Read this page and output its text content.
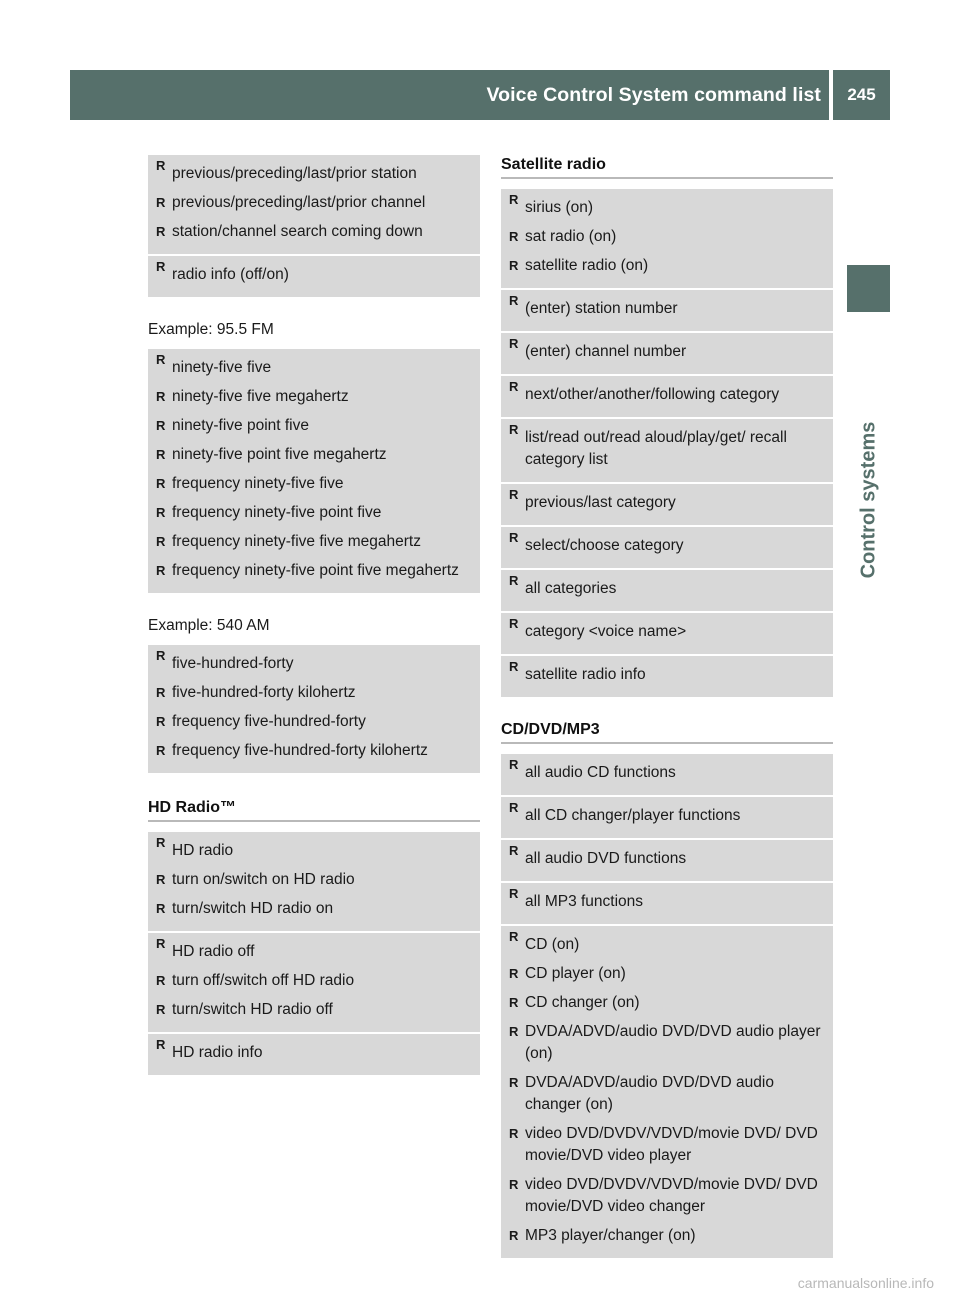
Voice Control System command list	245
Control systems
R previous/preceding/last/prior station
R previous/preceding/last/prior channel
R station/channel search coming down
R radio info (off/on)
Example: 95.5 FM
R ninety-five five
R ninety-five five megahertz
R ninety-five point five
R ninety-five point five megahertz
R frequency ninety-five five
R frequency ninety-five point five
R frequency ninety-five five megahertz
R frequency ninety-five point five megahertz
Example: 540 AM
R five-hundred-forty
R five-hundred-forty kilohertz
R frequency five-hundred-forty
R frequency five-hundred-forty kilohertz
HD Radio™
R HD radio
R turn on/switch on HD radio
R turn/switch HD radio on
R HD radio off
R turn off/switch off HD radio
R turn/switch HD radio off
R HD radio info
Satellite radio
R sirius (on)
R sat radio (on)
R satellite radio (on)
R (enter) station number
R (enter) channel number
R next/other/another/following category
R list/read out/read aloud/play/get/ recall category list
R previous/last category
R select/choose category
R all categories
R category <voice name>
R satellite radio info
CD/DVD/MP3
R all audio CD functions
R all CD changer/player functions
R all audio DVD functions
R all MP3 functions
R CD (on)
R CD player (on)
R CD changer (on)
R DVDA/ADVD/audio DVD/DVD audio player (on)
R DVDA/ADVD/audio DVD/DVD audio changer (on)
R video DVD/DVDV/VDVD/movie DVD/ DVD movie/DVD video player
R video DVD/DVDV/VDVD/movie DVD/ DVD movie/DVD video changer
R MP3 player/changer (on)
carmanualsonline.info
